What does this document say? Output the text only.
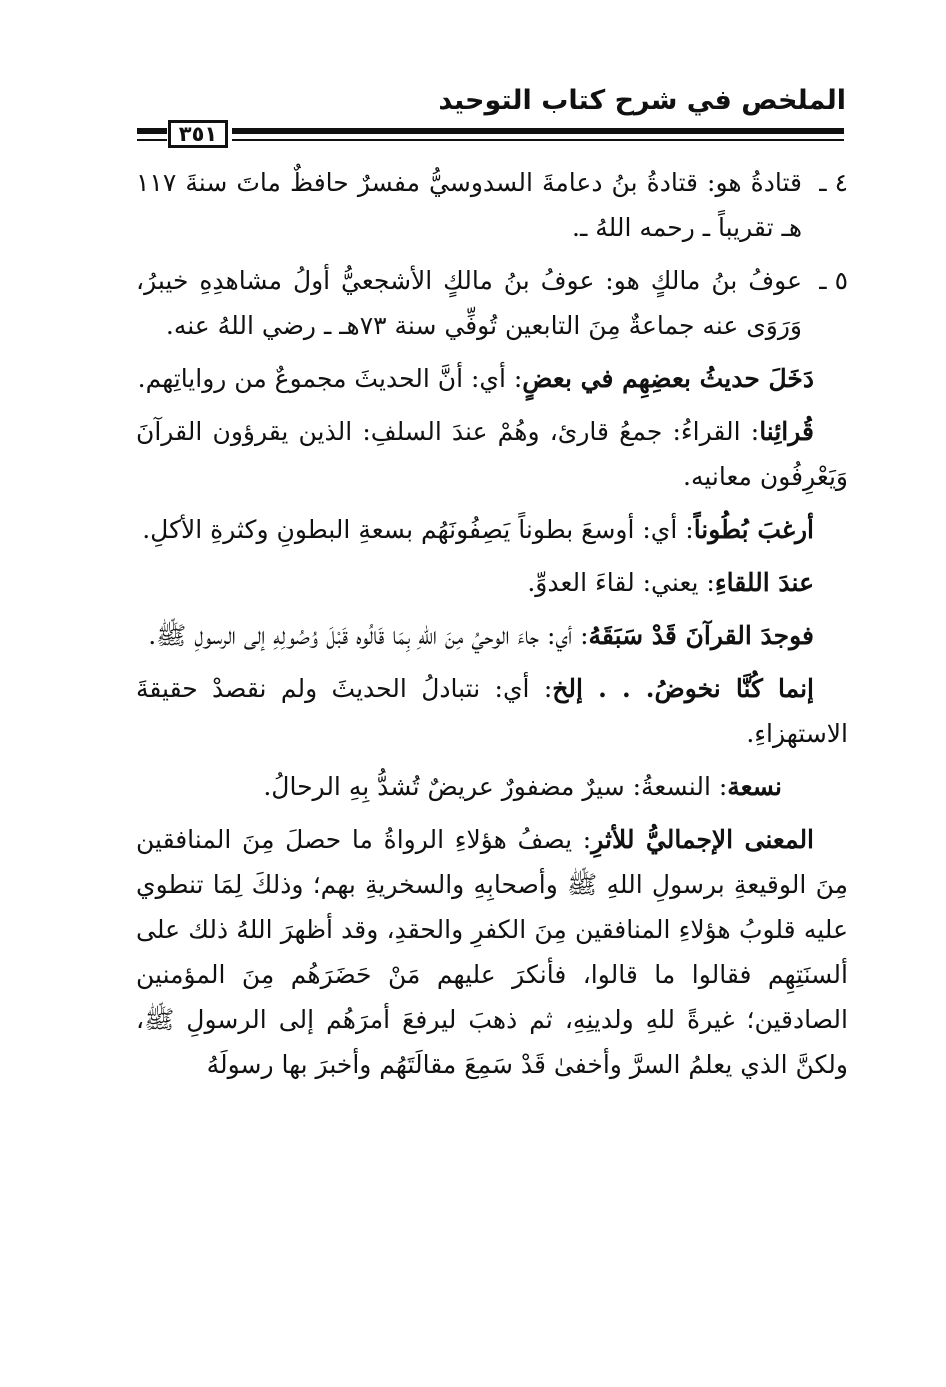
الملخص في شرح كتاب التوحيد
٣٥١

٤ ـقتادةُ هو: قتادةُ بنُ دعامةَ السدوسيُّ مفسرٌ حافظٌ ماتَ سنةَ ١١٧ هـ تقريباً ـ رحمه اللهُ ـ.

٥ ـعوفُ بنُ مالكٍ هو: عوفُ بنُ مالكٍ الأشجعيُّ أولُ مشاهدِهِ خيبرُ، وَرَوَى عنه جماعةٌ مِنَ التابعين تُوفِّي سنة ٧٣هـ ـ رضي اللهُ عنه.

دَخَلَ حديثُ بعضِهِم في بعضٍ: أي: أنَّ الحديثَ مجموعٌ من رواياتِهم.

قُرائِنا: القراءُ: جمعُ قارئ، وهُمْ عندَ السلفِ: الذين يقرؤون القرآنَ وَيَعْرِفُون معانيه.

أرغبَ بُطُوناً: أي: أوسعَ بطوناً يَصِفُونَهُم بسعةِ البطونِ وكثرةِ الأكلِ.

عندَ اللقاءِ: يعني: لقاءَ العدوِّ.

فوجدَ القرآنَ قَدْ سَبَقَهُ: أي: جاءَ الوحيُ مِنَ اللهِ بِمَا قَالُوه قَبْلَ وُصُولِهِ إلى الرسولِ ﷺ.

إنما كُنَّا نخوضُ. . . إلخ: أي: نتبادلُ الحديثَ ولم نقصدْ حقيقةَ الاستهزاءِ.

نسعة: النسعةُ: سيرٌ مضفورٌ عريضٌ تُشدُّ بِهِ الرحالُ.

المعنى الإجماليُّ للأثرِ: يصفُ هؤلاءِ الرواةُ ما حصلَ مِنَ المنافقين مِنَ الوقيعةِ برسولِ اللهِ ﷺ وأصحابِهِ والسخريةِ بهم؛ وذلكَ لِمَا تنطوي عليه قلوبُ هؤلاءِ المنافقين مِنَ الكفرِ والحقدِ، وقد أظهرَ اللهُ ذلك على ألسنَتِهِم فقالوا ما قالوا، فأنكرَ عليهم مَنْ حَضَرَهُم مِنَ المؤمنين الصادقين؛ غيرةً للهِ ولدينِهِ، ثم ذهبَ ليرفعَ أمرَهُم إلى الرسولِ ﷺ، ولكنَّ الذي يعلمُ السرَّ وأخفىٰ قَدْ سَمِعَ مقالَتَهُم وأخبرَ بها رسولَهُ
